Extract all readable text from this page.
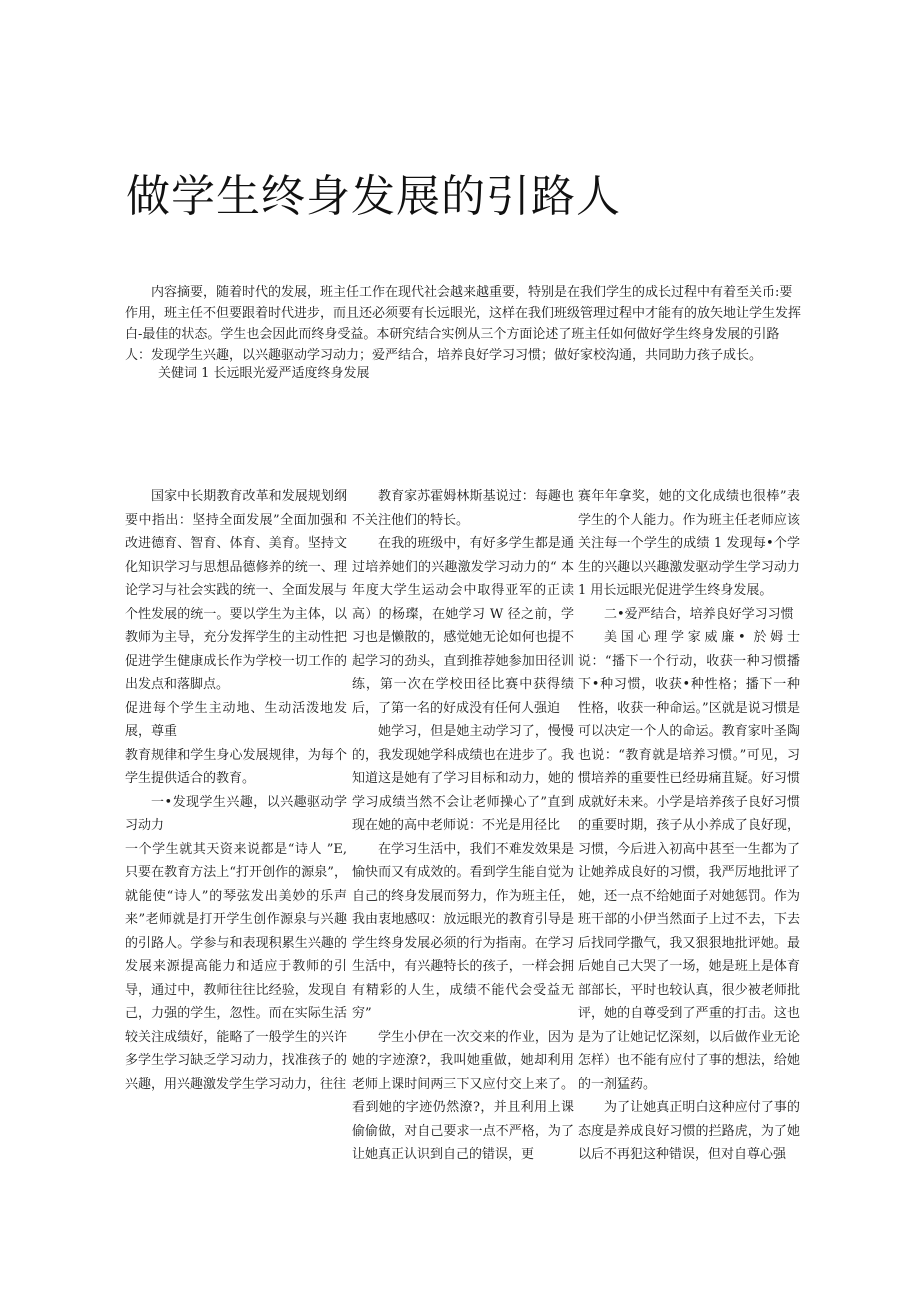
做学生终身发展的引路人

内容摘要，随着时代的发展，班主任工作在现代社会越来越重要，特别是在我们学生的成长过程中有着至关币:要作用，班主任不但要跟着时代进步，而且还必须要有长远眼光，这样在我们班级管理过程中才能有的放矢地让学生发挥白-最佳的状态。学生也会因此而终身受益。本研究结合实例从三个方面论述了班主任如何做好学生终身发展的引路人：发现学生兴趣，以兴趣驱动学习动力；爱严结合，培养良好学习习惯；做好家校沟通，共同助力孩子成长。

关健词 1 长远眼光爱严适度终身发展

国家中长期教育改革和发展规划纲要中指出：坚持全面发展”全面加强和改进德育、智育、体育、美育。坚持文化知识学习与思想品德修养的统一、理论学习与社会实践的统一、全面发展与个性发展的统一。要以学生为主体，以教师为主导，充分发挥学生的主动性把促进学生健康成长作为学校一切工作的出发点和落脚点。

促进每个学生主动地、生动活泼地发展，尊重

教育规律和学生身心发展规律，为每个学生提供适合的教育。

一•发现学生兴趣，以兴趣驱动学习动力

一个学生就其天资来说都是“诗人 ”E,只要在教育方法上“打开创作的源泉”，就能使“诗人”的琴弦发出美妙的乐声来”老师就是打开学生创作源泉与兴趣的引路人。学参与和表现积累生兴趣的发展来源提高能力和适应于教师的引导，通过中，教师往往比经验，发现自己，力强的学生，忽性。而在实际生活较关注成绩好，能略了一般学生的兴许多学生学习缺乏学习动力，找准孩子的兴趣，用兴趣激发学生学习动力，往往

教育家苏霍姆林斯基说过：每趣也不关注他们的特长。

在我的班级中，有好多学生都是通过培养她们的兴趣激发学习动力的“ 本年度大学生运动会中取得亚军的正读高）的杨璨，在她学习 W 径之前，学习也是懒散的，感觉她无论如何也提不起学习的劲头，直到推荐她参加田径训练，第一次在学校田径比赛中获得绩后，了第一名的好成没有任何人强迫

她学习，但是她主动学习了，慢慢的，我发现她学科成绩也在进步了。我知道这是她有了学习目标和动力，她的学习成绩当然不会让老师操心了”直到现在她的高中老师说：不光是用径比

在学习生活中，我们不难发效果是愉快而又有成效的。看到学生能自觉为自己的终身发展而努力，作为班主任，我由衷地感叹：放远眼光的教育引导是学生终身发展必须的行为指南。在学习生活中，有兴趣特长的孩子，一样会拥有精彩的人生，成绩不能代会受益无穷”

学生小伊在一次交来的作业，因为她的字迹潦?，我叫她重做，她却利用老师上课时间两三下又应付交上来了。看到她的字迹仍然潦?，并且利用上课偷偷做，对自己要求一点不严格，为了让她真正认识到自己的错误，更

赛年年拿奖，她的文化成绩也很棒”表学生的个人能力。作为班主任老师应该关注每一个学生的成绩 1 发现每•个学生的兴趣以兴趣激发驱动学生学习动力 1 用长远眼光促进学生终身发展。

二•爱严结合，培养良好学习习惯

美国心理学家威廉• 於姆士说：“播下一个行动，收获一种习惯播下•种习惯，收获•种性格；播下一种性格，收获一种命运。”区就是说习惯是可以决定一个人的命运。教育家叶圣陶也说：“教育就是培养习惯。”可见，习惯培养的重要性已经毋痛苴疑。好习惯成就好未来。小学是培养孩子良好习惯的重要时期，孩子从小养成了良好现，习惯，今后进入初高中甚至一生都为了让她养成良好的习惯，我严厉地批评了她，还一点不给她面子对她惩罚。作为班干部的小伊当然面子上过不去，下去后找同学撒气，我又狠狠地批评她。最后她自己大哭了一场，她是班上是体育部部长，平时也较认真，很少被老师批评，她的自尊受到了严重的打击。这也是为了让她记忆深刻，以后做作业无论怎样）也不能有应付了事的想法，给她的一剂猛药。

为了让她真正明白这种应付了事的态度是养成良好习惯的拦路虎，为了她以后不再犯这种错误，但对自尊心强
